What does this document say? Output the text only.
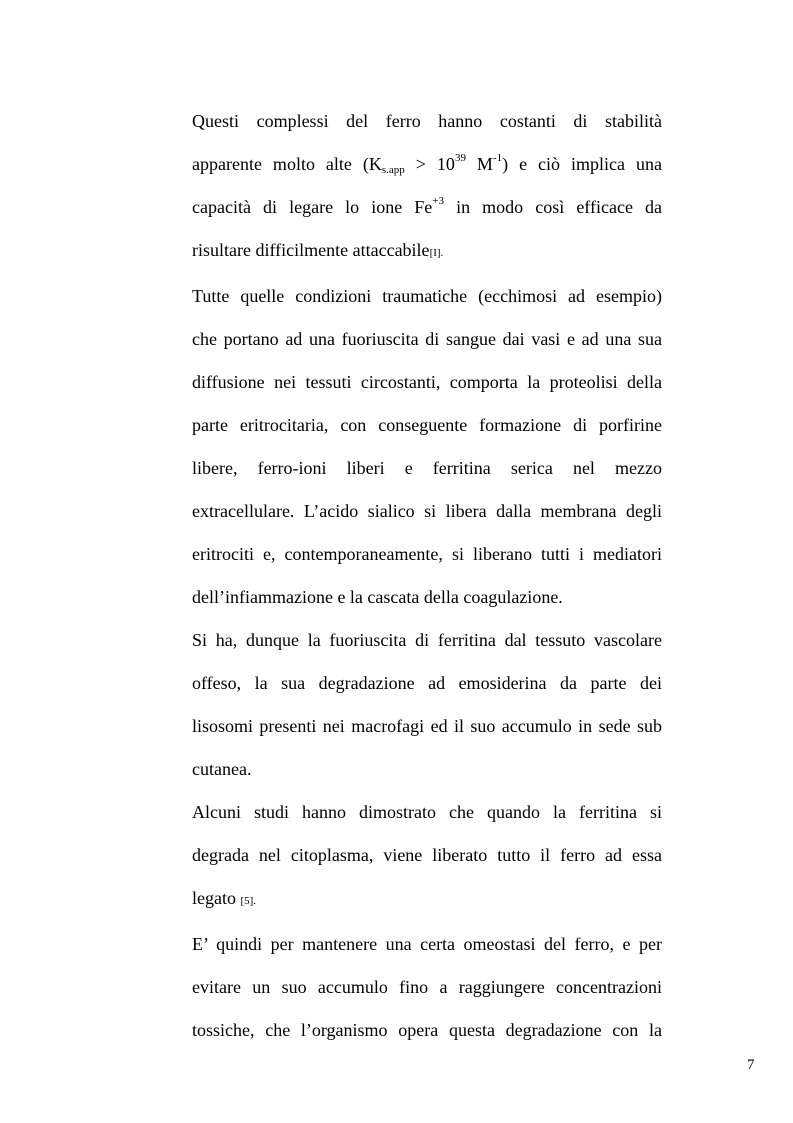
Questi complessi del ferro hanno costanti di stabilità
apparente molto alte ($K_{s.app} > 10^{39}$ $M^{-1}$) e ciò implica una
capacità di legare lo ione $Fe^{+3}$ in modo così efficace da
risultare difficilmente attaccabile[I].

Tutte quelle condizioni traumatiche (ecchimosi ad esempio)
che portano ad una fuoriuscita di sangue dai vasi e ad una sua
diffusione nei tessuti circostanti, comporta la proteolisi della
parte eritrocitaria, con conseguente formazione di porfirine
libere, ferro-ioni liberi e ferritina serica nel mezzo
extracellulare. L’acido sialico si libera dalla membrana degli
eritrociti e, contemporaneamente, si liberano tutti i mediatori
dell’infiammazione e la cascata della coagulazione.

Si ha, dunque la fuoriuscita di ferritina dal tessuto vascolare
offeso, la sua degradazione ad emosiderina da parte dei
lisosomi presenti nei macrofagi ed il suo accumulo in sede sub
cutanea.

Alcuni studi hanno dimostrato che quando la ferritina si
degrada nel citoplasma, viene liberato tutto il ferro ad essa
legato [5].

E’ quindi per mantenere una certa omeostasi del ferro, e per
evitare un suo accumulo fino a raggiungere concentrazioni
tossiche, che l’organismo opera questa degradazione con la

7
